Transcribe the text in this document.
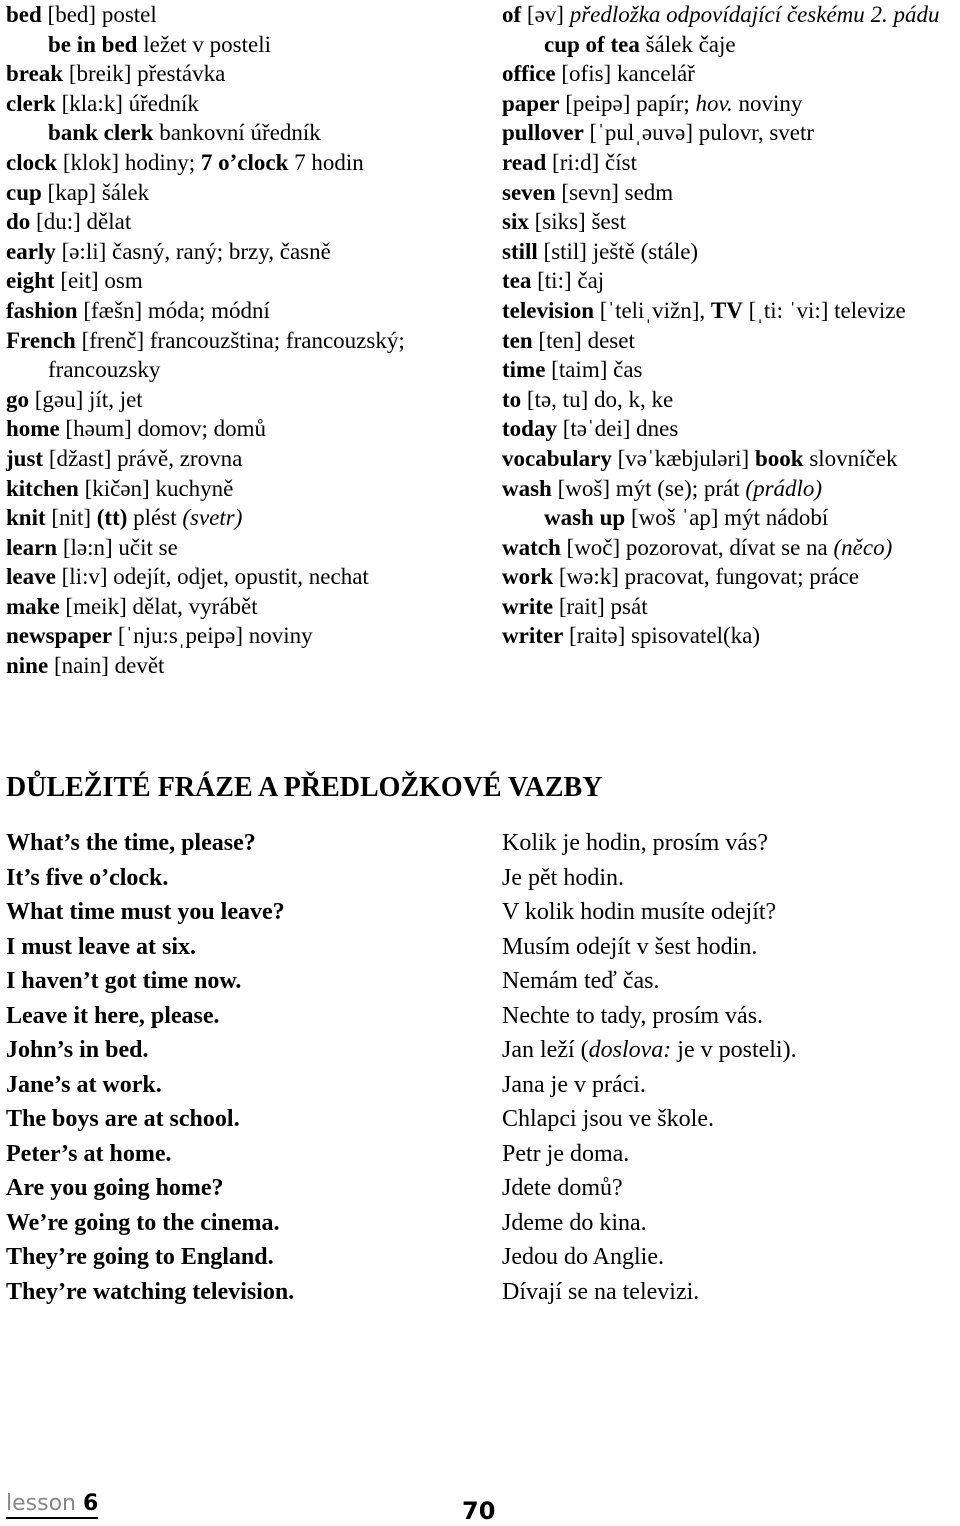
bed [bed] postel
be in bed ležet v posteli
break [breik] přestávka
clerk [kla:k] úředník
bank clerk bankovní úředník
clock [klok] hodiny; 7 o’clock 7 hodin
cup [kap] šálek
do [du:] dělat
early [ə:li] časný, raný; brzy, časně
eight [eit] osm
fashion [fæšn] móda; módní
French [frenč] francouzština; francouzský; francouzsky
go [gəu] jít, jet
home [həum] domov; domů
just [džast] právě, zrovna
kitchen [kičən] kuchyně
knit [nit] (tt) plést (svetr)
learn [lə:n] učit se
leave [li:v] odejít, odjet, opustit, nechat
make [meik] dělat, vyrábět
newspaper [ˈnju:sˌpeipə] noviny
nine [nain] devět
of [əv] předložka odpovídající českému 2. pádu
cup of tea šálek čaje
office [ofis] kancelář
paper [peipə] papír; hov. noviny
pullover [ˈpulˌəuvə] pulovr, svetr
read [ri:d] číst
seven [sevn] sedm
six [siks] šest
still [stil] ještě (stále)
tea [ti:] čaj
television [ˈteliˌvižn], TV [ˌti: ˈvi:] televize
ten [ten] deset
time [taim] čas
to [tə, tu] do, k, ke
today [təˈdei] dnes
vocabulary [vəˈkæbjuləri] book slovníček
wash [woš] mýt (se); prát (prádlo)
wash up [woš ˈap] mýt nádobí
watch [woč] pozorovat, dívat se na (něco)
work [wə:k] pracovat, fungovat; práce
write [rait] psát
writer [raitə] spisovatel(ka)
DŮLEŽITÉ FRÁZE A PŘEDLOŽKOVÉ VAZBY
What’s the time, please?	Kolik je hodin, prosím vás?
It’s five o’clock.	Je pět hodin.
What time must you leave?	V kolik hodin musíte odejít?
I must leave at six.	Musím odejít v šest hodin.
I haven’t got time now.	Nemám teď čas.
Leave it here, please.	Nechte to tady, prosím vás.
John’s in bed.	Jan leží (doslova: je v posteli).
Jane’s at work.	Jana je v práci.
The boys are at school.	Chlapci jsou ve škole.
Peter’s at home.	Petr je doma.
Are you going home?	Jdete domů?
We’re going to the cinema.	Jdeme do kina.
They’re going to England.	Jedou do Anglie.
They’re watching television.	Dívají se na televizi.
lesson 6	70
